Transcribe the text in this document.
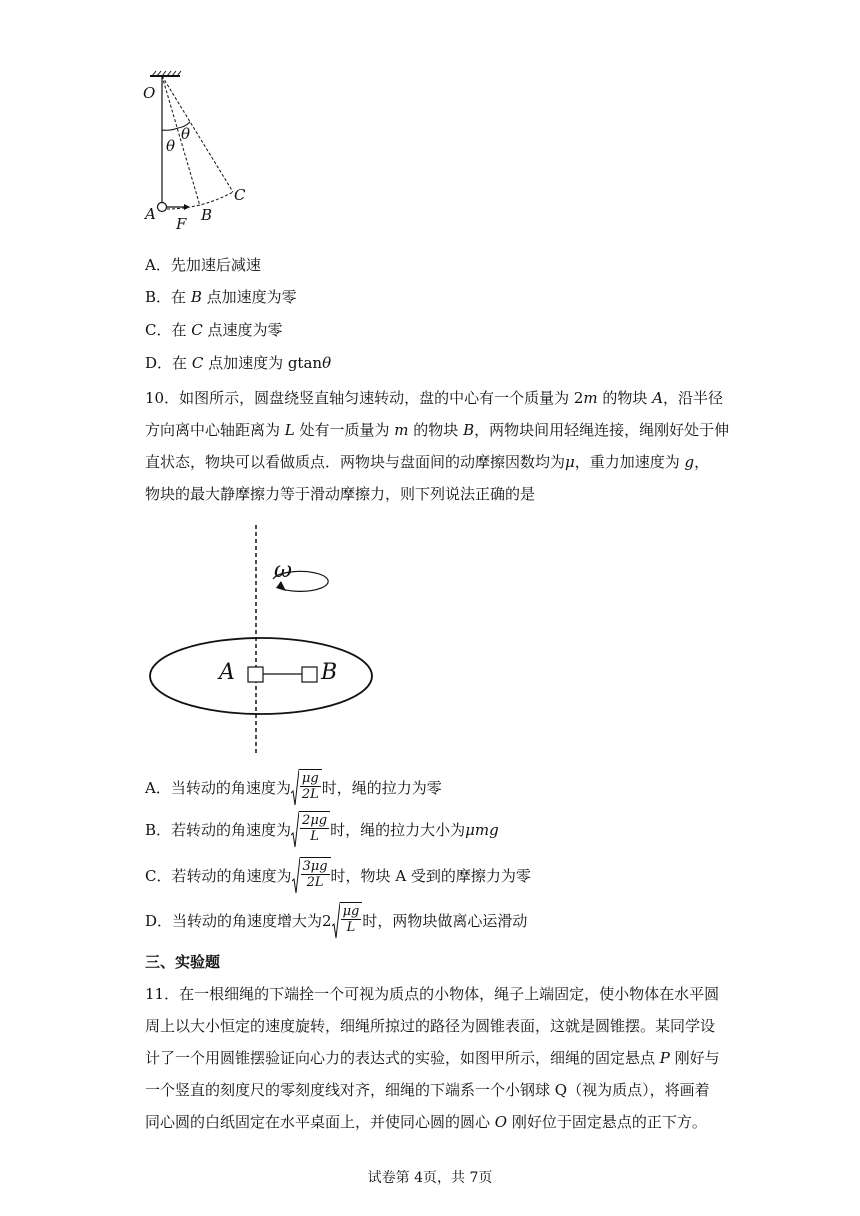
O
θ
θ
C
A	B
F
A．先加速后减速
B．在 B 点加速度为零
C．在 C 点速度为零
D．在 C 点加速度为 gtanθ
10．如图所示，圆盘绕竖直轴匀速转动，盘的中心有一个质量为 2m 的物块 A，沿半径
方向离中心轴距离为 L 处有一质量为 m 的物块 B，两物块间用轻绳连接，绳刚好处于伸
直状态，物块可以看做质点．两物块与盘面间的动摩擦因数均为μ，重力加速度为 g，
物块的最大静摩擦力等于滑动摩擦力，则下列说法正确的是
ω
A	B
A． 当转动的角速度为 $\frac{\mu g}{2L}$ 时，绳的拉力为零
B． 若转动的角速度为 $\frac{2\mu g}{L}$ 时，绳的拉力大小为 μmg
C． 若转动的角速度为 $\frac{3\mu g}{2L}$ 时，物块 A 受到的摩擦力为零
D． 当转动的角速度增大为 $2 \frac{\mu g}{L}$ 时，两物块做离心运滑动
三、实验题
11．在一根细绳的下端拴一个可视为质点的小物体，绳子上端固定，使小物体在水平圆
周上以大小恒定的速度旋转，细绳所掠过的路径为圆锥表面，这就是圆锥摆。某同学设
计了一个用圆锥摆验证向心力的表达式的实验，如图甲所示，细绳的固定悬点 P 刚好与
一个竖直的刻度尺的零刻度线对齐，细绳的下端系一个小钢球 Q（视为质点），将画着
同心圆的白纸固定在水平桌面上，并使同心圆的圆心 O 刚好位于固定悬点的正下方。
试卷第 4页，共 7页
